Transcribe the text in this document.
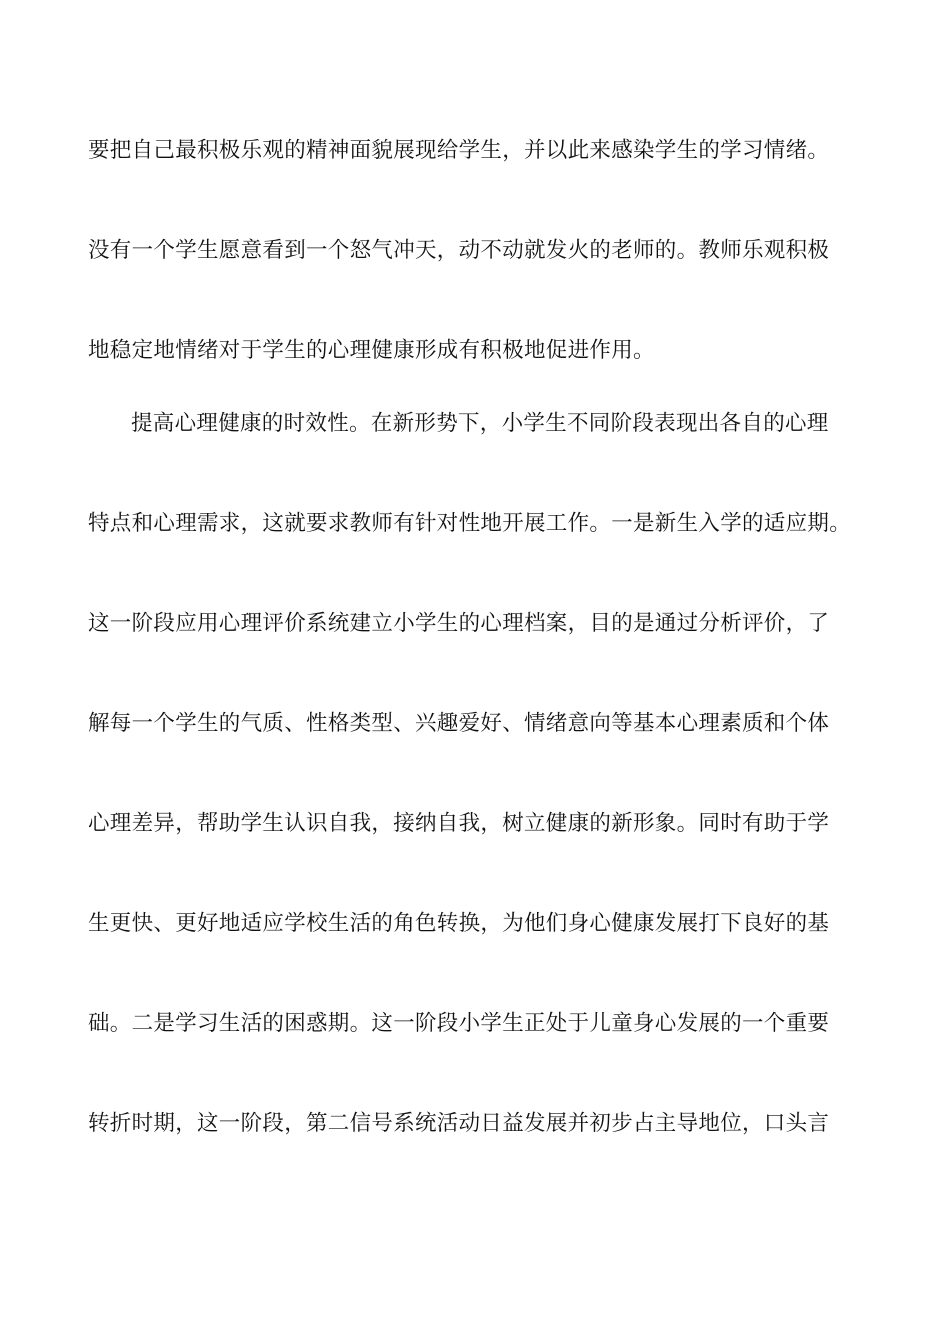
要把自己最积极乐观的精神面貌展现给学生，并以此来感染学生的学习情绪。
没有一个学生愿意看到一个怒气冲天，动不动就发火的老师的。教师乐观积极
地稳定地情绪对于学生的心理健康形成有积极地促进作用。
提高心理健康的时效性。在新形势下，小学生不同阶段表现出各自的心理
特点和心理需求，这就要求教师有针对性地开展工作。一是新生入学的适应期。
这一阶段应用心理评价系统建立小学生的心理档案，目的是通过分析评价，了
解每一个学生的气质、性格类型、兴趣爱好、情绪意向等基本心理素质和个体
心理差异，帮助学生认识自我，接纳自我，树立健康的新形象。同时有助于学
生更快、更好地适应学校生活的角色转换，为他们身心健康发展打下良好的基
础。二是学习生活的困惑期。这一阶段小学生正处于儿童身心发展的一个重要
转折时期，这一阶段，第二信号系统活动日益发展并初步占主导地位，口头言
